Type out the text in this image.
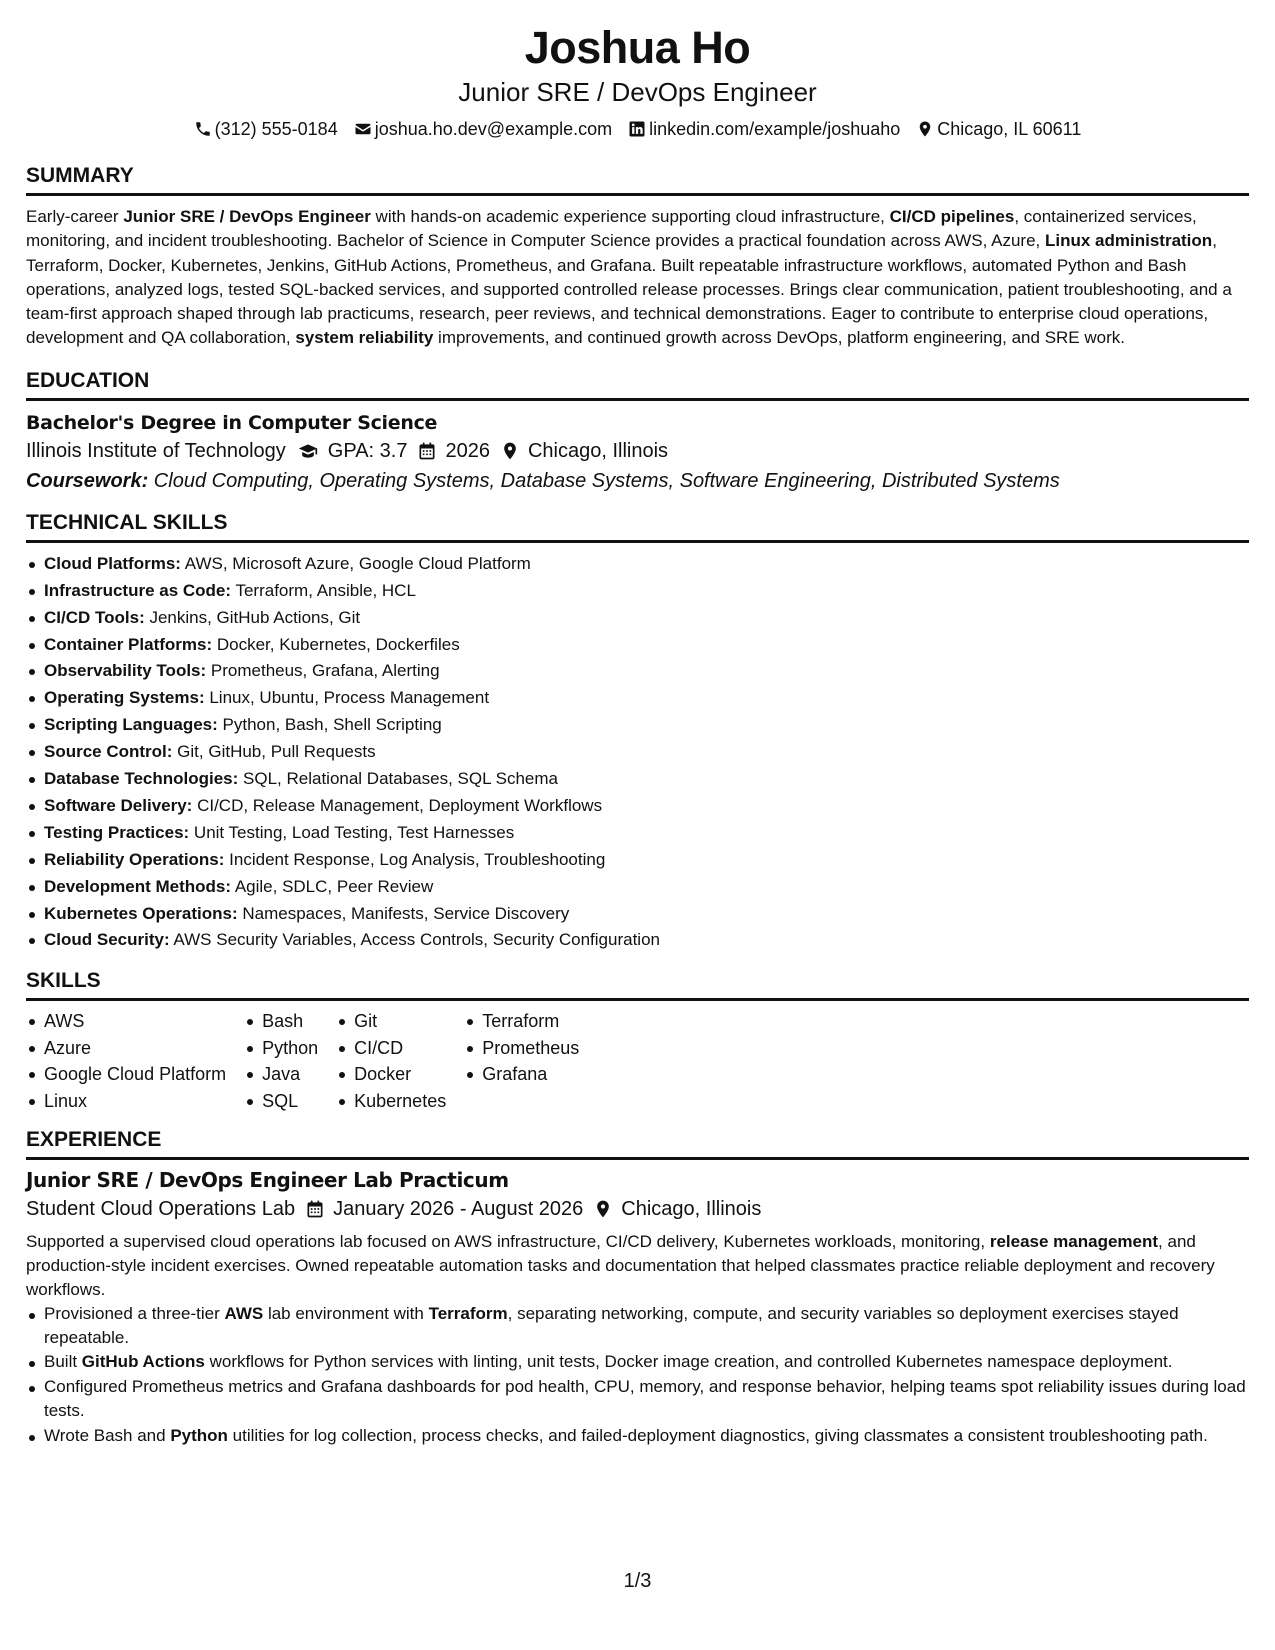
Joshua Ho
Junior SRE / DevOps Engineer
(312) 555-0184 joshua.ho.dev@example.com linkedin.com/example/joshuaho Chicago, IL 60611
SUMMARY
Early-career Junior SRE / DevOps Engineer with hands-on academic experience supporting cloud infrastructure, CI/CD pipelines, containerized services, monitoring, and incident troubleshooting. Bachelor of Science in Computer Science provides a practical foundation across AWS, Azure, Linux administration, Terraform, Docker, Kubernetes, Jenkins, GitHub Actions, Prometheus, and Grafana. Built repeatable infrastructure workflows, automated Python and Bash operations, analyzed logs, tested SQL-backed services, and supported controlled release processes. Brings clear communication, patient troubleshooting, and a team-first approach shaped through lab practicums, research, peer reviews, and technical demonstrations. Eager to contribute to enterprise cloud operations, development and QA collaboration, system reliability improvements, and continued growth across DevOps, platform engineering, and SRE work.
EDUCATION
Bachelor's Degree in Computer Science
Illinois Institute of Technology GPA: 3.7 2026 Chicago, Illinois
Coursework: Cloud Computing, Operating Systems, Database Systems, Software Engineering, Distributed Systems
TECHNICAL SKILLS
Cloud Platforms: AWS, Microsoft Azure, Google Cloud Platform
Infrastructure as Code: Terraform, Ansible, HCL
CI/CD Tools: Jenkins, GitHub Actions, Git
Container Platforms: Docker, Kubernetes, Dockerfiles
Observability Tools: Prometheus, Grafana, Alerting
Operating Systems: Linux, Ubuntu, Process Management
Scripting Languages: Python, Bash, Shell Scripting
Source Control: Git, GitHub, Pull Requests
Database Technologies: SQL, Relational Databases, SQL Schema
Software Delivery: CI/CD, Release Management, Deployment Workflows
Testing Practices: Unit Testing, Load Testing, Test Harnesses
Reliability Operations: Incident Response, Log Analysis, Troubleshooting
Development Methods: Agile, SDLC, Peer Review
Kubernetes Operations: Namespaces, Manifests, Service Discovery
Cloud Security: AWS Security Variables, Access Controls, Security Configuration
SKILLS
AWS
Azure
Google Cloud Platform
Linux
Bash
Python
Java
SQL
Git
CI/CD
Docker
Kubernetes
Terraform
Prometheus
Grafana
EXPERIENCE
Junior SRE / DevOps Engineer Lab Practicum
Student Cloud Operations Lab January 2026 - August 2026 Chicago, Illinois
Supported a supervised cloud operations lab focused on AWS infrastructure, CI/CD delivery, Kubernetes workloads, monitoring, release management, and production-style incident exercises. Owned repeatable automation tasks and documentation that helped classmates practice reliable deployment and recovery workflows.
Provisioned a three-tier AWS lab environment with Terraform, separating networking, compute, and security variables so deployment exercises stayed repeatable.
Built GitHub Actions workflows for Python services with linting, unit tests, Docker image creation, and controlled Kubernetes namespace deployment.
Configured Prometheus metrics and Grafana dashboards for pod health, CPU, memory, and response behavior, helping teams spot reliability issues during load tests.
Wrote Bash and Python utilities for log collection, process checks, and failed-deployment diagnostics, giving classmates a consistent troubleshooting path.
1/3
